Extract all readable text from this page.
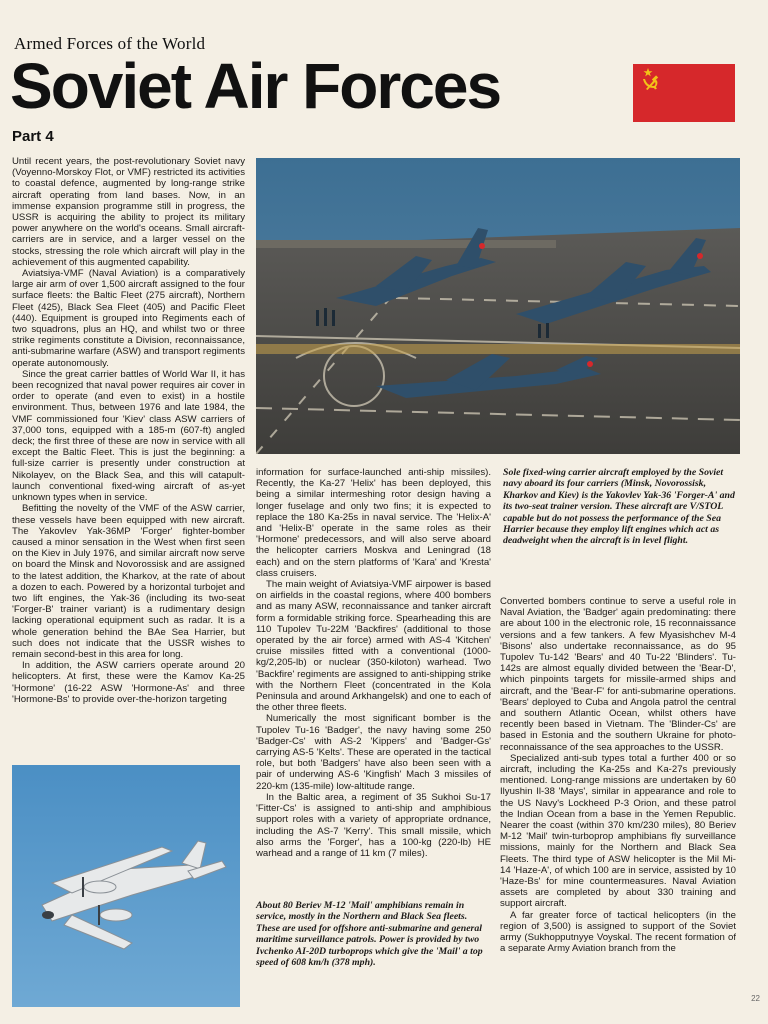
Armed Forces of the World
Soviet Air Forces
Part 4

Until recent years, the post-revolutionary Soviet navy (Voyenno-Morskoy Flot, or VMF) restricted its activities to coastal defence, augmented by long-range strike aircraft operating from land bases. Now, in an immense expansion programme still in progress, the USSR is acquiring the ability to project its military power anywhere on the world's oceans. Small aircraft-carriers are in service, and a larger vessel on the stocks, stressing the role which aircraft will play in the achievement of this augmented capability.

Aviatsiya-VMF (Naval Aviation) is a comparatively large air arm of over 1,500 aircraft assigned to the four surface fleets: the Baltic Fleet (275 aircraft), Northern Fleet (425), Black Sea Fleet (405) and Pacific Fleet (440). Equipment is grouped into Regiments each of two squadrons, plus an HQ, and whilst two or three strike regiments constitute a Division, reconnaissance, anti-submarine warfare (ASW) and transport regiments operate autonomously.

Since the great carrier battles of World War II, it has been recognized that naval power requires air cover in order to operate (and even to exist) in a hostile environment. Thus, between 1976 and late 1984, the VMF commissioned four 'Kiev' class ASW carriers of 37,000 tons, equipped with a 185-m (607-ft) angled deck; the first three of these are now in service with all except the Baltic Fleet. This is just the beginning: a full-size carrier is presently under construction at Nikolayev, on the Black Sea, and this will catapult-launch conventional fixed-wing aircraft of as-yet unknown types when in service.

Befitting the novelty of the VMF of the ASW carrier, these vessels have been equipped with new aircraft. The Yakovlev Yak-36MP 'Forger' fighter-bomber caused a minor sensation in the West when first seen on the Kiev in July 1976, and similar aircraft now serve on board the Minsk and Novorossisk and are assigned to the latest addition, the Kharkov, at the rate of about a dozen to each. Powered by a horizontal turbojet and two lift engines, the Yak-36 (including its two-seat 'Forger-B' trainer variant) is a rudimentary design lacking operational equipment such as radar. It is a whole generation behind the BAe Sea Harrier, but such does not indicate that the USSR wishes to remain second-best in this area for long.

In addition, the ASW carriers operate around 20 helicopters. At first, these were the Kamov Ka-25 'Hormone' (16-22 ASW 'Hormone-As' and three 'Hormone-Bs' to provide over-the-horizon targeting

Sole fixed-wing carrier aircraft employed by the Soviet navy aboard its four carriers (Minsk, Novorossisk, Kharkov and Kiev) is the Yakovlev Yak-36 'Forger-A' and its two-seat trainer version. These aircraft are V/STOL capable but do not possess the performance of the Sea Harrier because they employ lift engines which act as deadweight when the aircraft is in level flight.

information for surface-launched anti-ship missiles). Recently, the Ka-27 'Helix' has been deployed, this being a similar intermeshing rotor design having a longer fuselage and only two fins; it is expected to replace the 180 Ka-25s in naval service. The 'Helix-A' and 'Helix-B' operate in the same roles as their 'Hormone' predecessors, and will also serve aboard the helicopter carriers Moskva and Leningrad (18 each) and on the stern platforms of 'Kara' and 'Kresta' class cruisers.

The main weight of Aviatsiya-VMF airpower is based on airfields in the coastal regions, where 400 bombers and as many ASW, reconnaissance and tanker aircraft form a formidable striking force. Spearheading this are 110 Tupolev Tu-22M 'Backfires' (additional to those operated by the air force) armed with AS-4 'Kitchen' cruise missiles fitted with a conventional (1000-kg/2,205-lb) or nuclear (350-kiloton) warhead. Two 'Backfire' regiments are assigned to anti-shipping strike with the Northern Fleet (concentrated in the Kola Peninsula and around Arkhangelsk) and one to each of the other three fleets.

Numerically the most significant bomber is the Tupolev Tu-16 'Badger', the navy having some 250 'Badger-Cs' with AS-2 'Kippers' and 'Badger-Gs' carrying AS-5 'Kelts'. These are operated in the tactical role, but both 'Badgers' have also been seen with a pair of underwing AS-6 'Kingfish' Mach 3 missiles of 220-km (135-mile) low-altitude range.

In the Baltic area, a regiment of 35 Sukhoi Su-17 'Fitter-Cs' is assigned to anti-ship and amphibious support roles with a variety of appropriate ordnance, including the AS-7 'Kerry'. This small missile, which also arms the 'Forger', has a 100-kg (220-lb) HE warhead and a range of 11 km (7 miles).

About 80 Beriev M-12 'Mail' amphibians remain in service, mostly in the Northern and Black Sea fleets. These are used for offshore anti-submarine and general maritime surveillance patrols. Power is provided by two Ivchenko AI-20D turboprops which give the 'Mail' a top speed of 608 km/h (378 mph).

Converted bombers continue to serve a useful role in Naval Aviation, the 'Badger' again predominating: there are about 100 in the electronic role, 15 reconnaissance versions and a few tankers. A few Myasishchev M-4 'Bisons' also undertake reconnaissance, as do 95 Tupolev Tu-142 'Bears' and 40 Tu-22 'Blinders'. Tu-142s are almost equally divided between the 'Bear-D', which pinpoints targets for missile-armed ships and aircraft, and the 'Bear-F' for anti-submarine operations. 'Bears' deployed to Cuba and Angola patrol the central and southern Atlantic Ocean, whilst others have recently been based in Vietnam. The 'Blinder-Cs' are based in Estonia and the southern Ukraine for photo-reconnaissance of the sea approaches to the USSR.

Specialized anti-sub types total a further 400 or so aircraft, including the Ka-25s and Ka-27s previously mentioned. Long-range missions are undertaken by 60 Ilyushin Il-38 'Mays', similar in appearance and role to the US Navy's Lockheed P-3 Orion, and these patrol the Indian Ocean from a base in the Yemen Republic. Nearer the coast (within 370 km/230 miles), 80 Beriev M-12 'Mail' twin-turboprop amphibians fly surveillance missions, mainly for the Northern and Black Sea Fleets. The third type of ASW helicopter is the Mil Mi-14 'Haze-A', of which 100 are in service, assisted by 10 'Haze-Bs' for mine countermeasures. Naval Aviation assets are completed by about 330 training and support aircraft.

A far greater force of tactical helicopters (in the region of 3,500) is assigned to support of the Soviet army (Sukhopputnyye Voyskal. The recent formation of a separate Army Aviation branch from the

22
